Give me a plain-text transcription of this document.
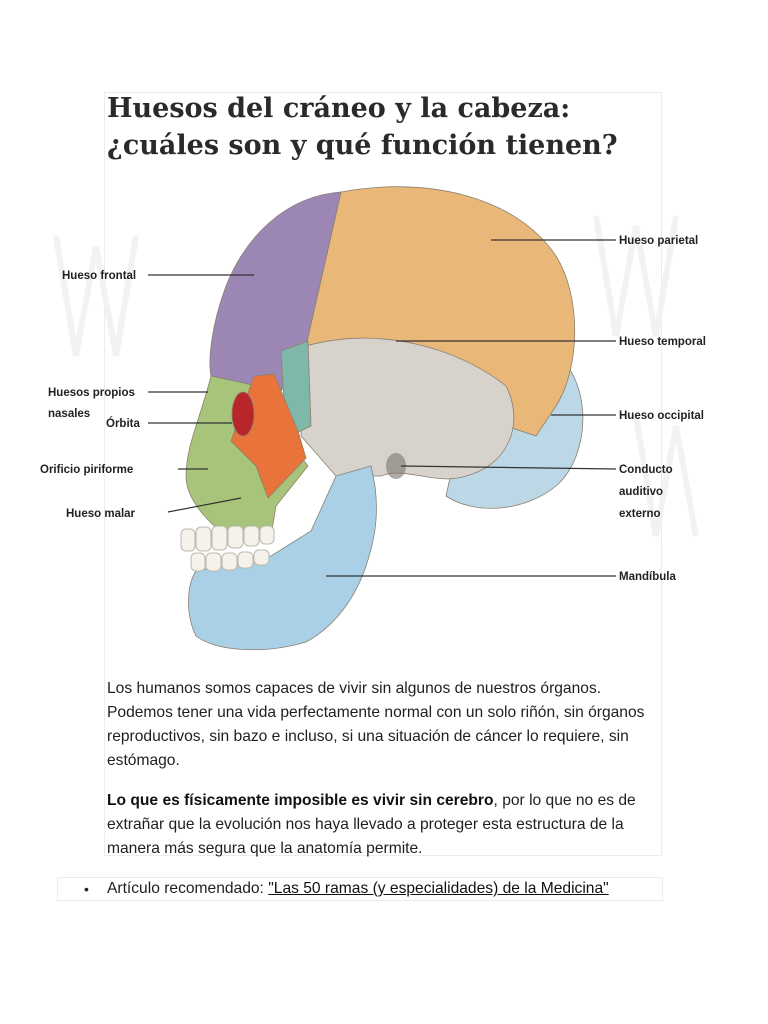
Huesos del cráneo y la cabeza:
¿cuáles son y qué función tienen?
Hueso frontal
Huesos propios
nasales
Órbita
Orificio piriforme
Hueso malar
Hueso parietal
Hueso temporal
Hueso occipital
Conducto
auditivo
externo
Mandíbula

Los humanos somos capaces de vivir sin algunos de nuestros órganos. Podemos tener una vida perfectamente normal con un solo riñón, sin órganos reproductivos, sin bazo e incluso, si una situación de cáncer lo requiere, sin estómago.

Lo que es físicamente imposible es vivir sin cerebro, por lo que no es de extrañar que la evolución nos haya llevado a proteger esta estructura de la manera más segura que la anatomía permite.

• Artículo recomendado: "Las 50 ramas (y especialidades) de la Medicina"
